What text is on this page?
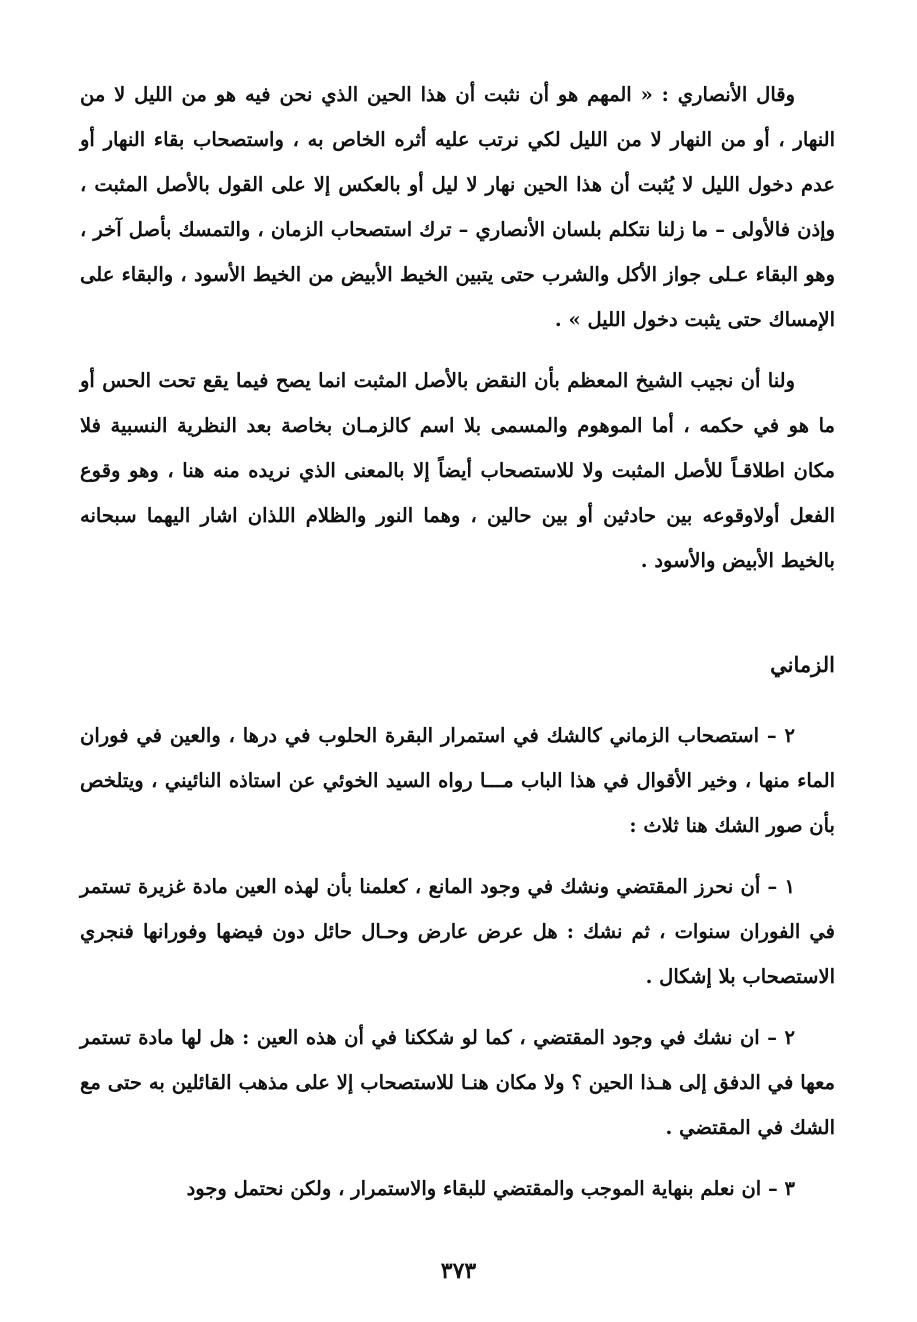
وقال الأنصاري : « المهم هو أن نثبت أن هذا الحين الذي نحن فيه هو من الليل لا من النهار ، أو من النهار لا من الليل لكي نرتب عليه أثره الخاص به ، واستصحاب بقاء النهار أو عدم دخول الليل لا يُثبت أن هذا الحين نهار لا ليل أو بالعكس إلا على القول بالأصل المثبت ، وإذن فالأولى – ما زلنا نتكلم بلسان الأنصاري – ترك استصحاب الزمان ، والتمسك بأصل آخر ، وهو البقاء عـلى جواز الأكل والشرب حتى يتبين الخيط الأبيض من الخيط الأسود ، والبقاء على الإمساك حتى يثبت دخول الليل » .

ولنا أن نجيب الشيخ المعظم بأن النقض بالأصل المثبت انما يصح فيما يقع تحت الحس أو ما هو في حكمه ، أما الموهوم والمسمى بلا اسم كالزمـان بخاصة بعد النظرية النسبية فلا مكان اطلاقـاً للأصل المثبت ولا للاستصحاب أيضاً إلا بالمعنى الذي نريده منه هنا ، وهو وقوع الفعل أولاوقوعه بين حادثين أو بين حالين ، وهما النور والظلام اللذان اشار اليهما سبحانه بالخيط الأبيض والأسود .

الزماني

٢ – استصحاب الزماني كالشك في استمرار البقرة الحلوب في درها ، والعين في فوران الماء منها ، وخير الأقوال في هذا الباب مـــا رواه السيد الخوئي عن استاذه النائيني ، ويتلخص بأن صور الشك هنا ثلاث :

١ – أن نحرز المقتضي ونشك في وجود المانع ، كعلمنا بأن لهذه العين مادة غزيرة تستمر في الفوران سنوات ، ثم نشك : هل عرض عارض وحـال حائل دون فيضها وفورانها فنجري الاستصحاب بلا إشكال .

٢ – ان نشك في وجود المقتضي ، كما لو شككنا في أن هذه العين : هل لها مادة تستمر معها في الدفق إلى هـذا الحين ؟ ولا مكان هنـا للاستصحاب إلا على مذهب القائلين به حتى مع الشك في المقتضي .

٣ – ان نعلم بنهاية الموجب والمقتضي للبقاء والاستمرار ، ولكن نحتمل وجود

٣٧٣
